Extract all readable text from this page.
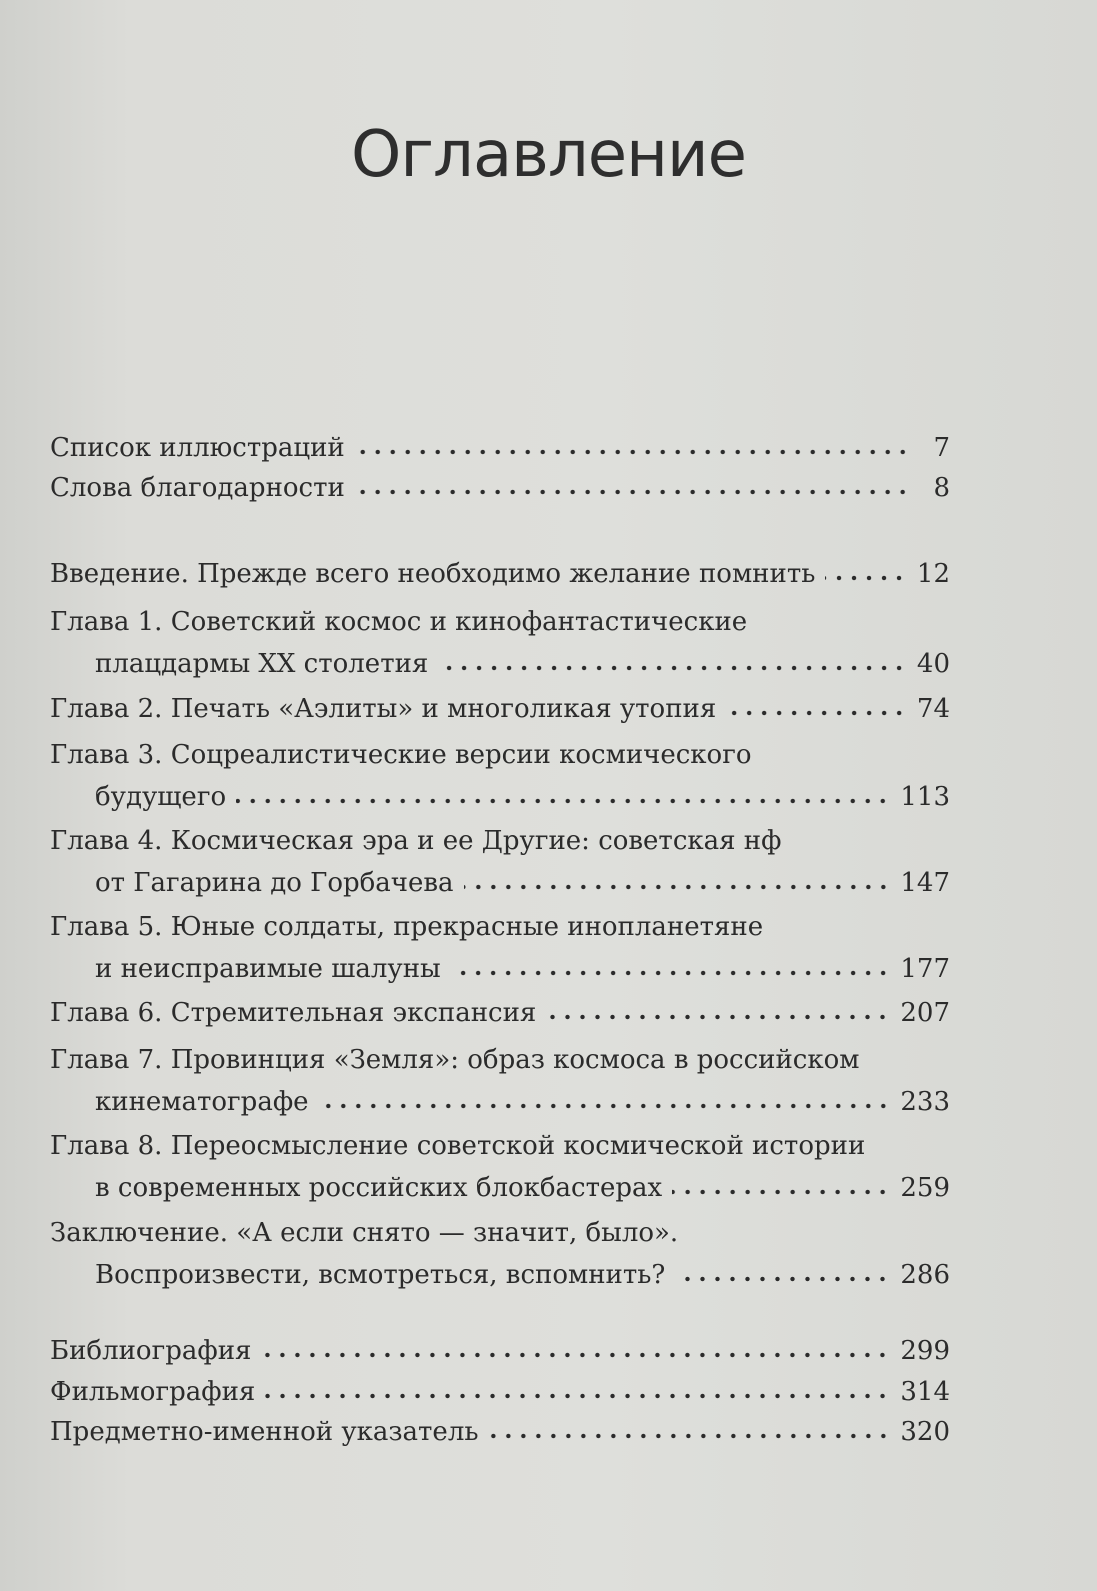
Оглавление
Список иллюстраций	7
Слова благодарности	8
Введение. Прежде всего необходимо желание помнить	12
Глава 1. Советский космос и кинофантастические
плацдармы XX столетия	40
Глава 2. Печать «Аэлиты» и многоликая утопия	74
Глава 3. Соцреалистические версии космического
будущего	113
Глава 4. Космическая эра и ее Другие: советская нф
от Гагарина до Горбачева	147
Глава 5. Юные солдаты, прекрасные инопланетяне
и неисправимые шалуны	177
Глава 6. Стремительная экспансия	207
Глава 7. Провинция «Земля»: образ космоса в российском
кинематографе	233
Глава 8. Переосмысление советской космической истории
в современных российских блокбастерах	259
Заключение. «А если снято — значит, было».
Воспроизвести, всмотреться, вспомнить?	286
Библиография	299
Фильмография	314
Предметно-именной указатель	320
